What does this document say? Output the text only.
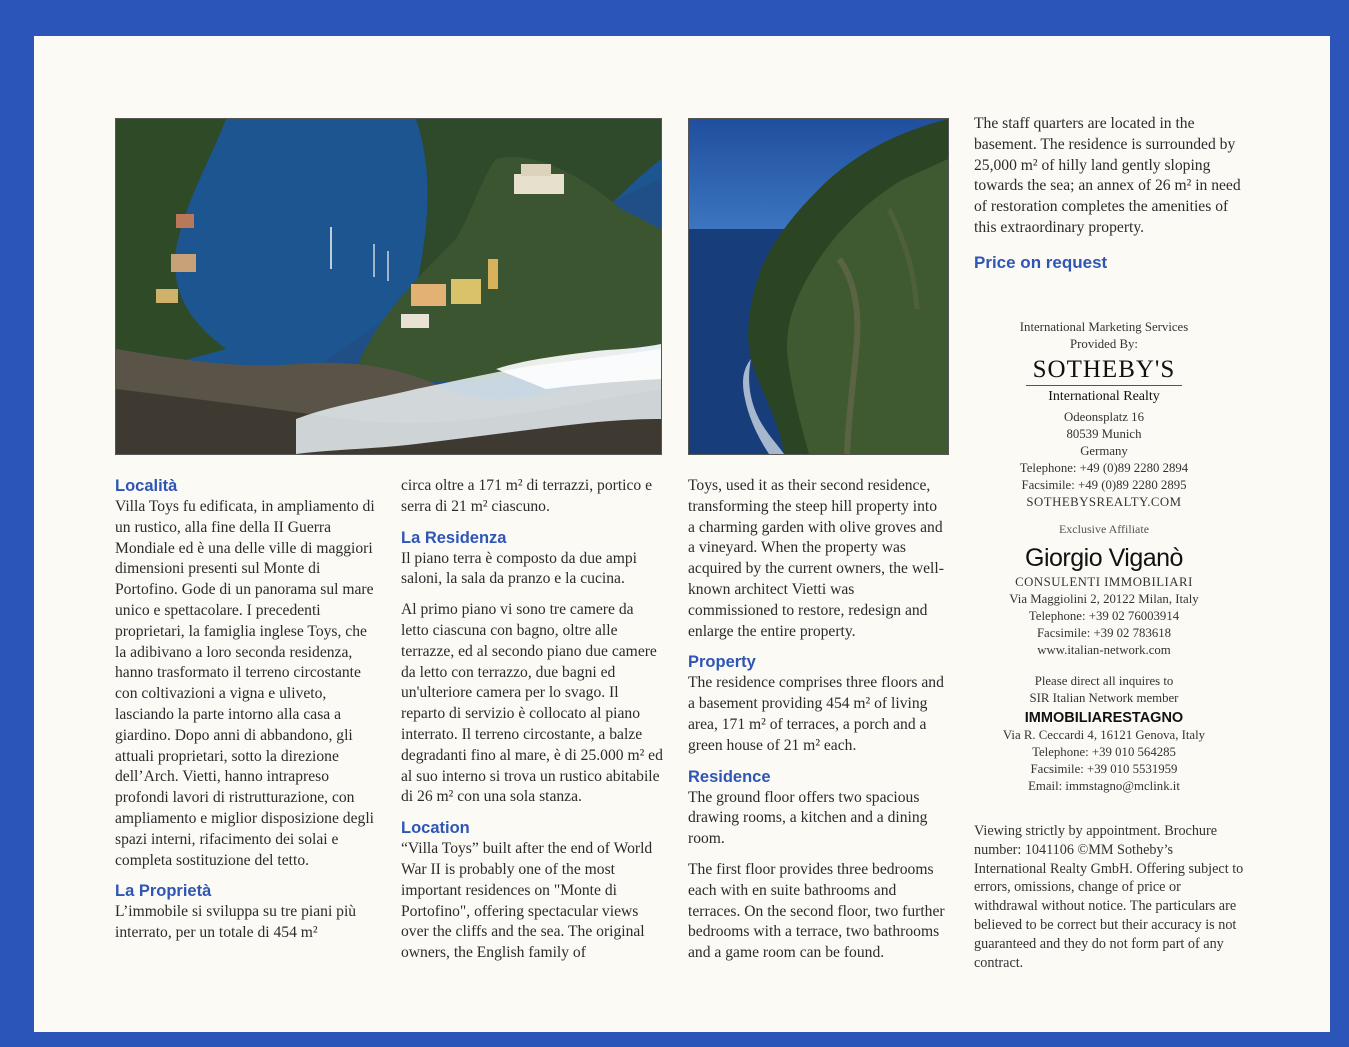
Località

Villa Toys fu edificata, in ampliamento di un rustico, alla fine della II Guerra Mondiale ed è una delle ville di maggiori dimensioni presenti sul Monte di Portofino. Gode di un panorama sul mare unico e spettacolare. I precedenti proprietari, la famiglia inglese Toys, che la adibivano a loro seconda residenza, hanno trasformato il terreno circostante con coltivazioni a vigna e uliveto, lasciando la parte intorno alla casa a giardino. Dopo anni di abbandono, gli attuali proprietari, sotto la direzione dell’Arch. Vietti, hanno intrapreso profondi lavori di ristrutturazione, con ampliamento e miglior disposizione degli spazi interni, rifacimento dei solai e completa sostituzione del tetto.

La Proprietà

L’immobile si sviluppa su tre piani più interrato, per un totale di 454 m²

circa oltre a 171 m² di terrazzi, portico e serra di 21 m² ciascuno.

La Residenza

Il piano terra è composto da due ampi saloni, la sala da pranzo e la cucina.

Al primo piano vi sono tre camere da letto ciascuna con bagno, oltre alle terrazze, ed al secondo piano due camere da letto con terrazzo, due bagni ed un'ulteriore camera per lo svago. Il reparto di servizio è collocato al piano interrato. Il terreno circostante, a balze degradanti fino al mare, è di 25.000 m² ed al suo interno si trova un rustico abitabile di 26 m² con una sola stanza.

Location

“Villa Toys” built after the end of World War II is probably one of the most important residences on "Monte di Portofino", offering spectacular views over the cliffs and the sea. The original owners, the English family of

Toys, used it as their second residence, transforming the steep hill property into a charming garden with olive groves and a vineyard. When the property was acquired by the current owners, the well-known architect Vietti was commissioned to restore, redesign and enlarge the entire property.

Property

The residence comprises three floors and a basement providing 454 m² of living area, 171 m² of terraces, a porch and a green house of 21 m² each.

Residence

The ground floor offers two spacious drawing rooms, a kitchen and a dining room.

The first floor provides three bedrooms each with en suite bathrooms and terraces. On the second floor, two further bedrooms with a terrace, two bathrooms and a game room can be found.

The staff quarters are located in the basement. The residence is surrounded by 25,000 m² of hilly land gently sloping towards the sea; an annex of 26 m² in need of restoration completes the amenities of this extraordinary property.

Price on request
International Marketing Services
Provided By:
SOTHEBY'S
International Realty
Odeonsplatz 16
80539 Munich
Germany
Telephone: +49 (0)89 2280 2894
Facsimile: +49 (0)89 2280 2895
SOTHEBYSREALTY.COM
Exclusive Affiliate
Giorgio Viganò
CONSULENTI IMMOBILIARI
Via Maggiolini 2, 20122 Milan, Italy
Telephone: +39 02 76003914
Facsimile: +39 02 783618
www.italian-network.com
Please direct all inquires to
SIR Italian Network member
IMMOBILIARESTAGNO
Via R. Ceccardi 4, 16121 Genova, Italy
Telephone: +39 010 564285
Facsimile: +39 010 5531959
Email: immstagno@mclink.it
Viewing strictly by appointment. Brochure number: 1041106 ©MM Sotheby’s International Realty GmbH. Offering subject to errors, omissions, change of price or withdrawal without notice. The particulars are believed to be correct but their accuracy is not guaranteed and they do not form part of any contract.
